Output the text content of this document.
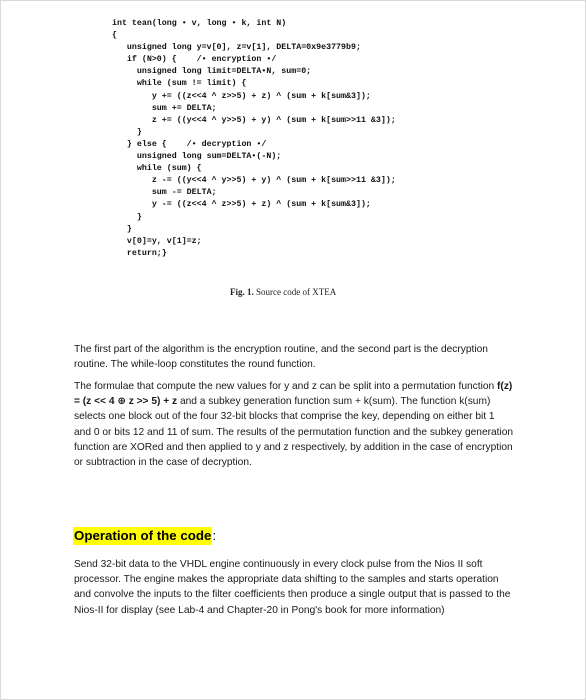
int tean(long • v, long • k, int N)
{
unsigned long y=v[0], z=v[1], DELTA=0x9e3779b9;
if (N>0) {    /• encryption •/
unsigned long limit=DELTA•N, sum=0;
while (sum != limit) {
y += ((z<<4 ^ z>>5) + z) ^ (sum + k[sum&3]);
sum += DELTA;
z += ((y<<4 ^ y>>5) + y) ^ (sum + k[sum>>11 &3]);
}
} else {    /• decryption •/
unsigned long sum=DELTA•(-N);
while (sum) {
z -= ((y<<4 ^ y>>5) + y) ^ (sum + k[sum>>11 &3]);
sum -= DELTA;
y -= ((z<<4 ^ z>>5) + z) ^ (sum + k[sum&3]);
}
}
v[0]=y, v[1]=z;
return;}
Fig. 1. Source code of XTEA

The first part of the algorithm is the encryption routine, and the second part is the decryption routine. The while-loop constitutes the round function.

The formulae that compute the new values for y and z can be split into a permutation function f(z) = (z << 4 ⊕ z >> 5) + z and a subkey generation function sum + k(sum). The function k(sum) selects one block out of the four 32-bit blocks that comprise the key, depending on either bit 1 and 0 or bits 12 and 11 of sum. The results of the permutation function and the subkey generation function are XORed and then applied to y and z respectively, by addition in the case of encryption or subtraction in the case of decryption.

Operation of the code:

Send 32-bit data to the VHDL engine continuously in every clock pulse from the Nios II soft processor. The engine makes the appropriate data shifting to the samples and starts operation and convolve the inputs to the filter coefficients then produce a single output that is passed to the Nios-II for display (see Lab-4 and Chapter-20 in Pong's book for more information)
